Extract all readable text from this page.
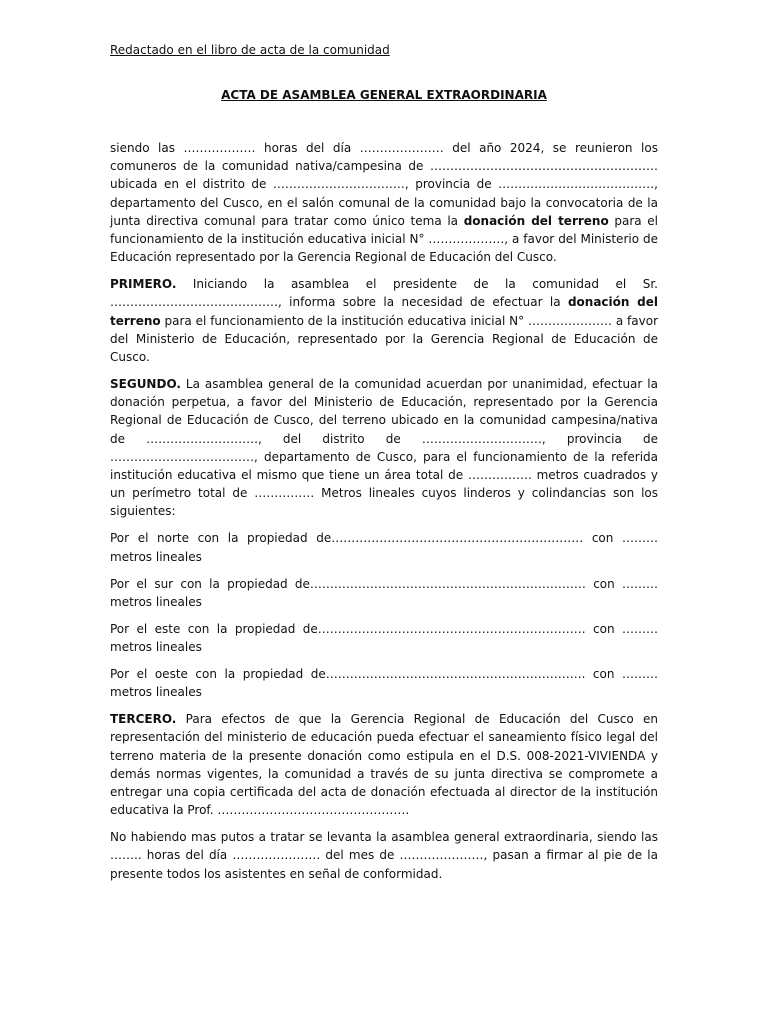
Redactado en el libro de acta de la comunidad

ACTA DE ASAMBLEA GENERAL EXTRAORDINARIA

siendo las ……………… horas del día ………………… del año 2024, se reunieron los comuneros de la comunidad nativa/campesina de ………………………………………………… ubicada en el distrito de ……………………………, provincia de …………………………………, departamento del Cusco, en el salón comunal de la comunidad bajo la convocatoria de la junta directiva comunal para tratar como único tema la donación del terreno para el funcionamiento de la institución educativa inicial N° ………………., a favor del Ministerio de Educación representado por la Gerencia Regional de Educación del Cusco.

PRIMERO. Iniciando la asamblea el presidente de la comunidad el Sr. ……………………………………, informa sobre la necesidad de efectuar la donación del terreno para el funcionamiento de la institución educativa inicial N° ………………… a favor del Ministerio de Educación, representado por la Gerencia Regional de Educación de Cusco.

SEGUNDO. La asamblea general de la comunidad acuerdan por unanimidad, efectuar la donación perpetua, a favor del Ministerio de Educación, representado por la Gerencia Regional de Educación de Cusco, del terreno ubicado en la comunidad campesina/nativa de ………………………., del distrito de …………………………, provincia de ………………………………, departamento de Cusco, para el funcionamiento de la referida institución educativa el mismo que tiene un área total de ……………. metros cuadrados y un perímetro total de …………… Metros lineales cuyos linderos y colindancias son los siguientes:

Por el norte con la propiedad de……………………………………………………… con ………metros lineales

Por el sur con la propiedad de…………………………………………………………… con ………metros lineales

Por el este con la propiedad de…………………………………………………………. con ………metros lineales

Por el oeste con la propiedad de……………………………………………………….. con ………metros lineales

TERCERO. Para efectos de que la Gerencia Regional de Educación del Cusco en representación del ministerio de educación pueda efectuar el saneamiento físico legal del terreno materia de la presente donación como estipula en el D.S. 008-2021-VIVIENDA y demás normas vigentes, la comunidad a través de su junta directiva se compromete a entregar una copia certificada del acta de donación efectuada al director de la institución educativa la Prof. …………………………………………

No habiendo mas putos a tratar se levanta la asamblea general extraordinaria, siendo las …….. horas del día …………………. del mes de …………………, pasan a firmar al pie de la presente todos los asistentes en señal de conformidad.
